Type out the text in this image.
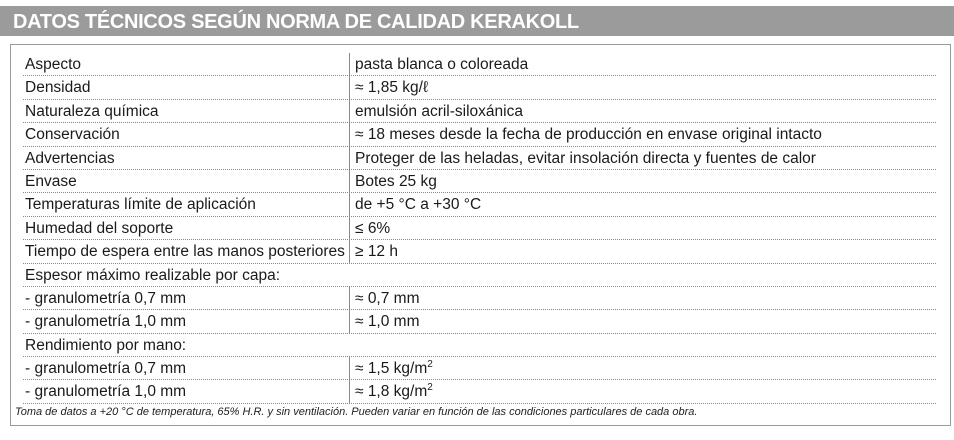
DATOS TÉCNICOS SEGÚN NORMA DE CALIDAD KERAKOLL
Aspecto	pasta blanca o coloreada
Densidad	≈ 1,85 kg/ℓ
Naturaleza química	emulsión acril-siloxánica
Conservación	≈ 18 meses desde la fecha de producción en envase original intacto
Advertencias	Proteger de las heladas, evitar insolación directa y fuentes de calor
Envase	Botes 25 kg
Temperaturas límite de aplicación	de +5 °C a +30 °C
Humedad del soporte	≤ 6%
Tiempo de espera entre las manos posteriores ≥ 12 h
Espesor máximo realizable por capa:
- granulometría 0,7 mm	≈ 0,7 mm
- granulometría 1,0 mm	≈ 1,0 mm
Rendimiento por mano:
- granulometría 0,7 mm	≈ 1,5 $kg/m^2$
- granulometría 1,0 mm	≈ 1,8 $kg/m^2$
Toma de datos a +20 °C de temperatura, 65% H.R. y sin ventilación. Pueden variar en función de las condiciones particulares de cada obra.
